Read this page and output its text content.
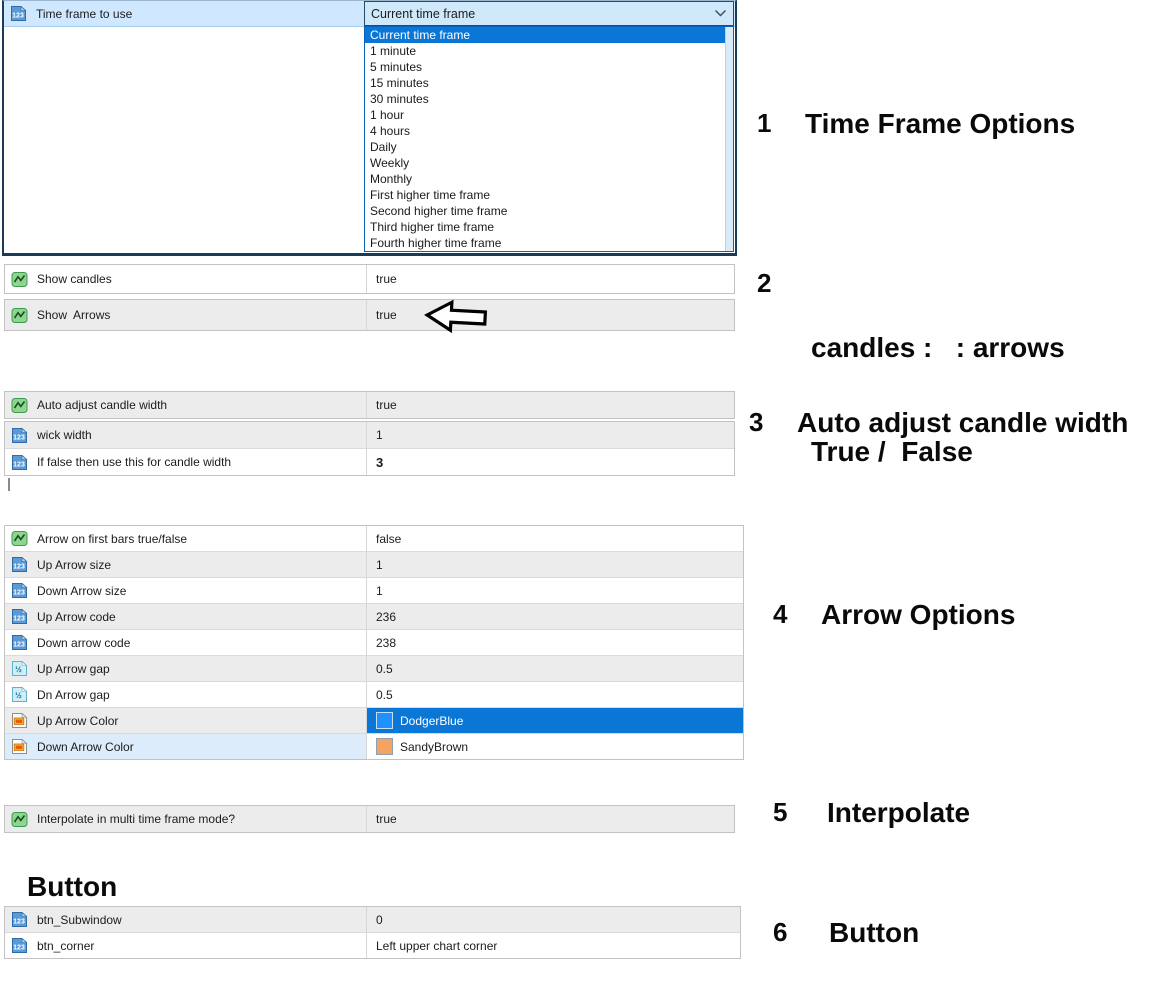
123 Time frame to use	Current time frame
Current time frame
1 minute
5 minutes
15 minutes
30 minutes
1 hour
4 hours
Daily
Weekly
Monthly
First higher time frame
Second higher time frame
Third higher time frame
Fourth higher time frame
Show candles	true
Show  Arrows	true
Auto adjust candle width	true
123 wick width	1
123 If false then use this for candle width	3
Arrow on first bars true/false	false
123 Up Arrow size	1
123 Down Arrow size	1
123 Up Arrow code	236
123 Down arrow code	238
½ Up Arrow gap	0.5
½ Dn Arrow gap	0.5
Up Arrow Color	DodgerBlue
Down Arrow Color	SandyBrown
Interpolate in multi time frame mode?	true
Button
123 btn_Subwindow	0
123 btn_corner	Left upper chart corner
1 Time Frame Options
2

candles :   : arrows

True /  False

3 Auto adjust candle width
4 Arrow Options
5 Interpolate
6 Button
